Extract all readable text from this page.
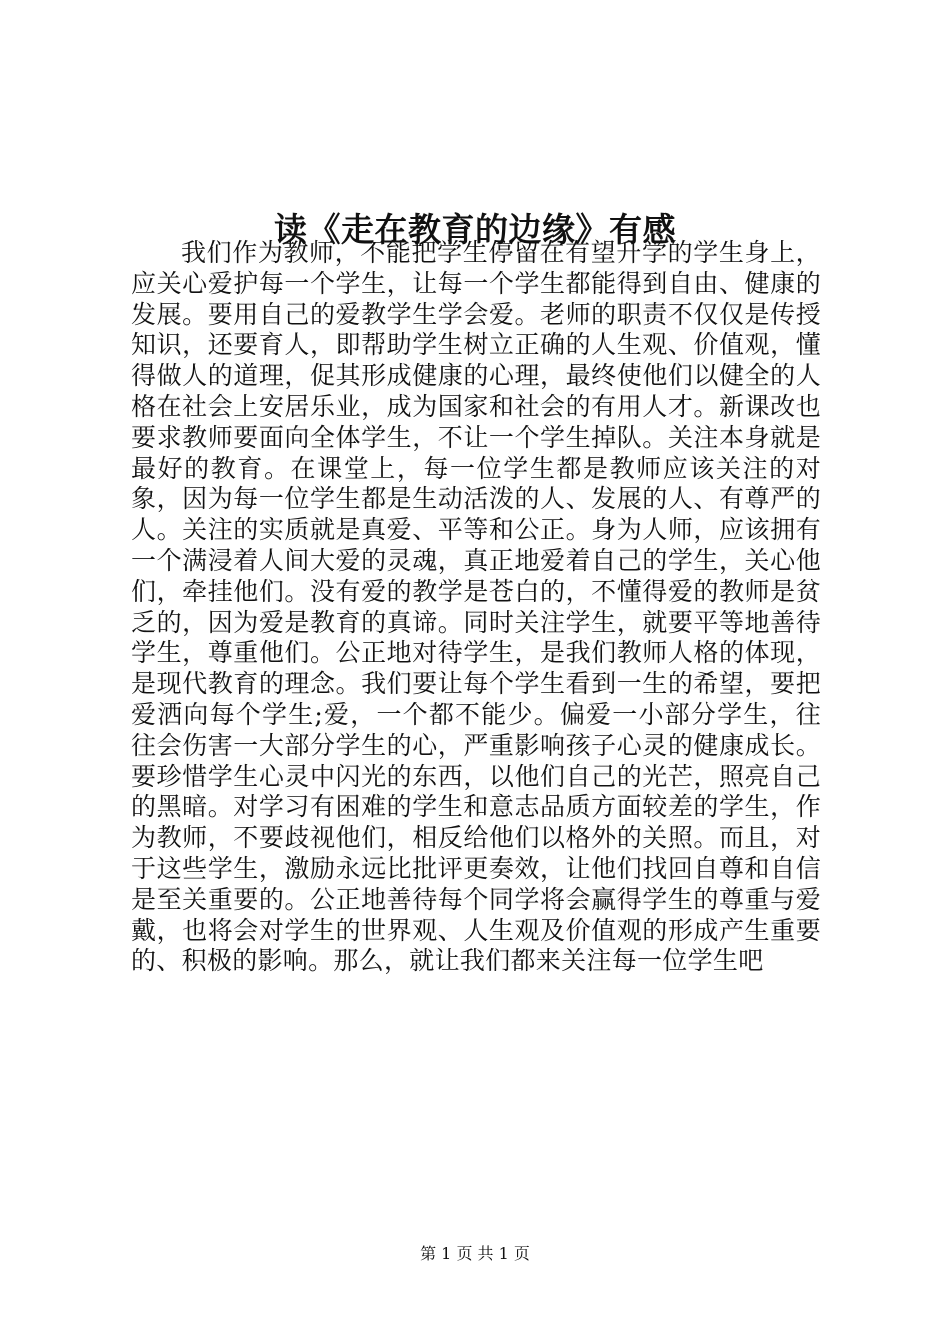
读《走在教育的边缘》有感

我们作为教师，不能把学生停留在有望升学的学生身上，应关心爱护每一个学生，让每一个学生都能得到自由、健康的发展。要用自己的爱教学生学会爱。老师的职责不仅仅是传授知识，还要育人，即帮助学生树立正确的人生观、价值观，懂得做人的道理，促其形成健康的心理，最终使他们以健全的人格在社会上安居乐业，成为国家和社会的有用人才。新课改也要求教师要面向全体学生，不让一个学生掉队。关注本身就是最好的教育。在课堂上，每一位学生都是教师应该关注的对象，因为每一位学生都是生动活泼的人、发展的人、有尊严的人。关注的实质就是真爱、平等和公正。身为人师，应该拥有一个满浸着人间大爱的灵魂，真正地爱着自己的学生，关心他们，牵挂他们。没有爱的教学是苍白的，不懂得爱的教师是贫乏的，因为爱是教育的真谛。同时关注学生，就要平等地善待学生，尊重他们。公正地对待学生，是我们教师人格的体现，是现代教育的理念。我们要让每个学生看到一生的希望，要把爱洒向每个学生;爱，一个都不能少。偏爱一小部分学生，往往会伤害一大部分学生的心，严重影响孩子心灵的健康成长。要珍惜学生心灵中闪光的东西，以他们自己的光芒，照亮自己的黑暗。对学习有困难的学生和意志品质方面较差的学生，作为教师，不要歧视他们，相反给他们以格外的关照。而且，对于这些学生，激励永远比批评更奏效，让他们找回自尊和自信是至关重要的。公正地善待每个同学将会赢得学生的尊重与爱戴，也将会对学生的世界观、人生观及价值观的形成产生重要的、积极的影响。那么，就让我们都来关注每一位学生吧

第 1 页 共 1 页
